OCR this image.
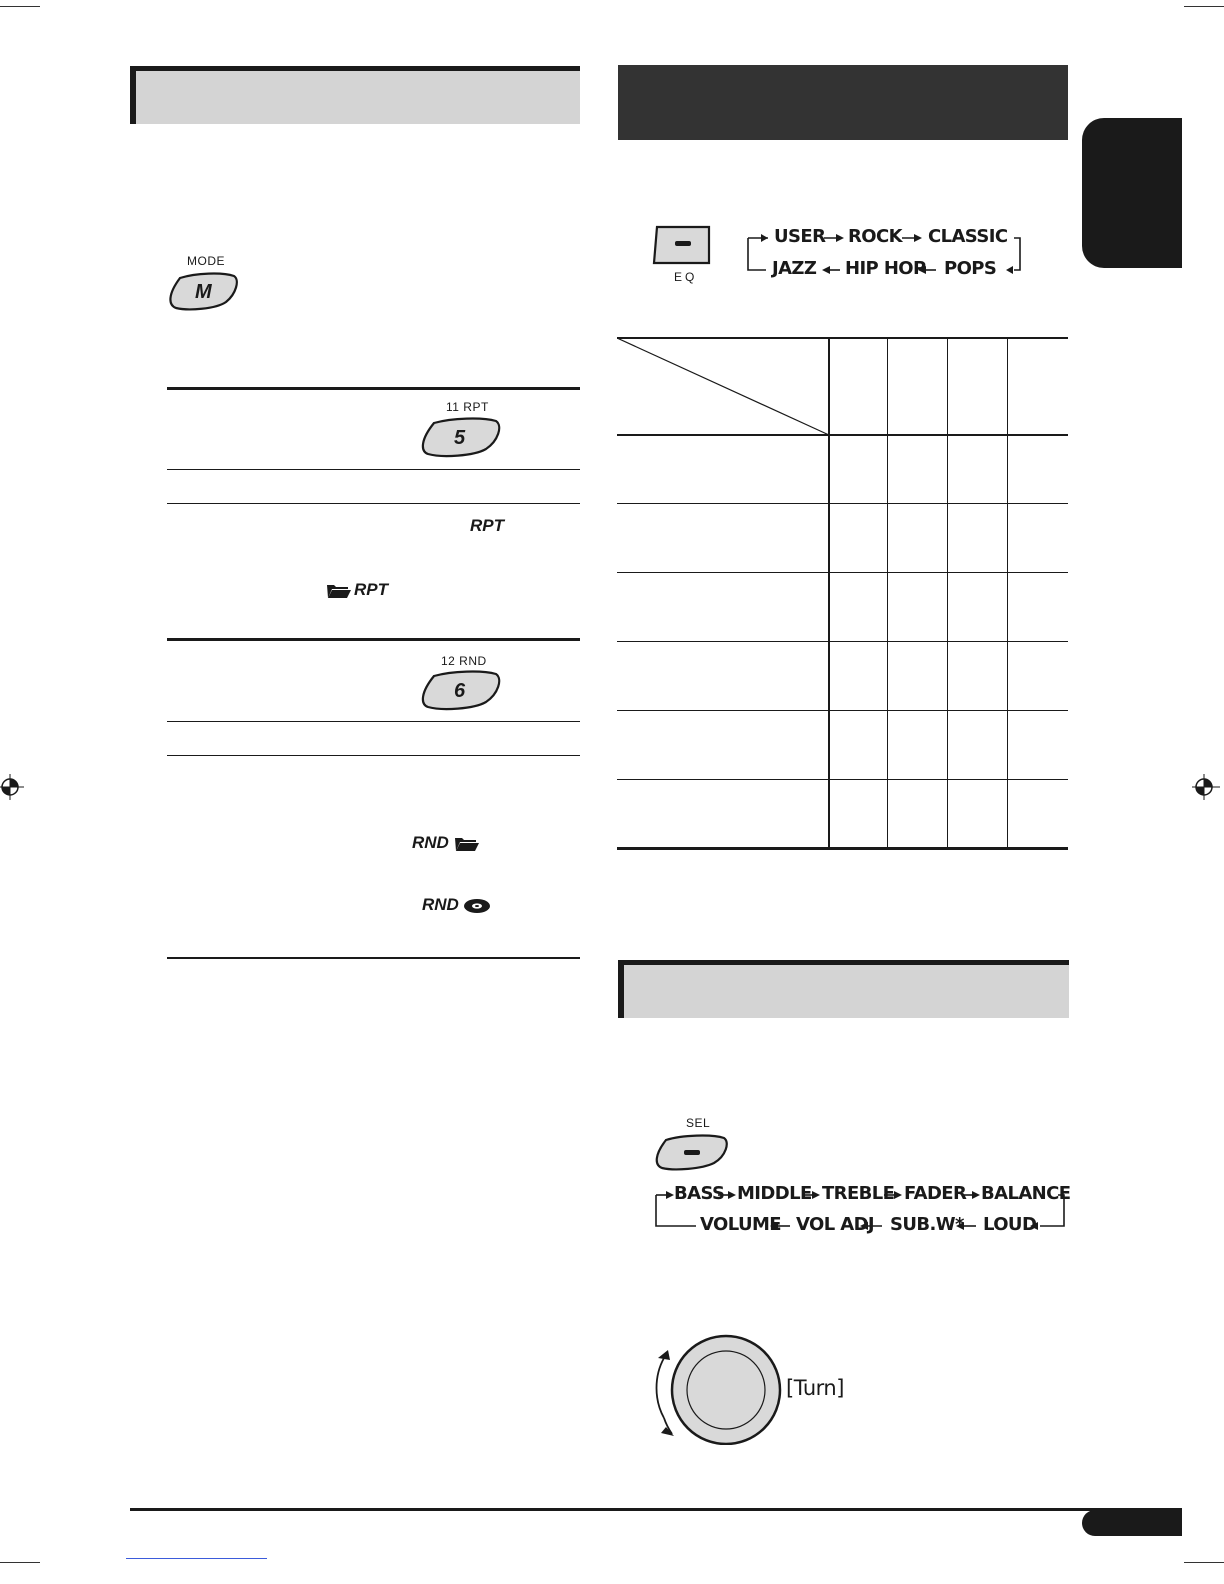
MODE
M
11 RPT
5
RPT
RPT
12 RND
6
RND
RND
EQ
USER ROCK CLASSIC
JAZZ HIP HOP POPS
SEL
BASS MIDDLE TREBLE FADER BALANCE
VOLUME VOL ADJ SUB.W* LOUD
[Turn]
